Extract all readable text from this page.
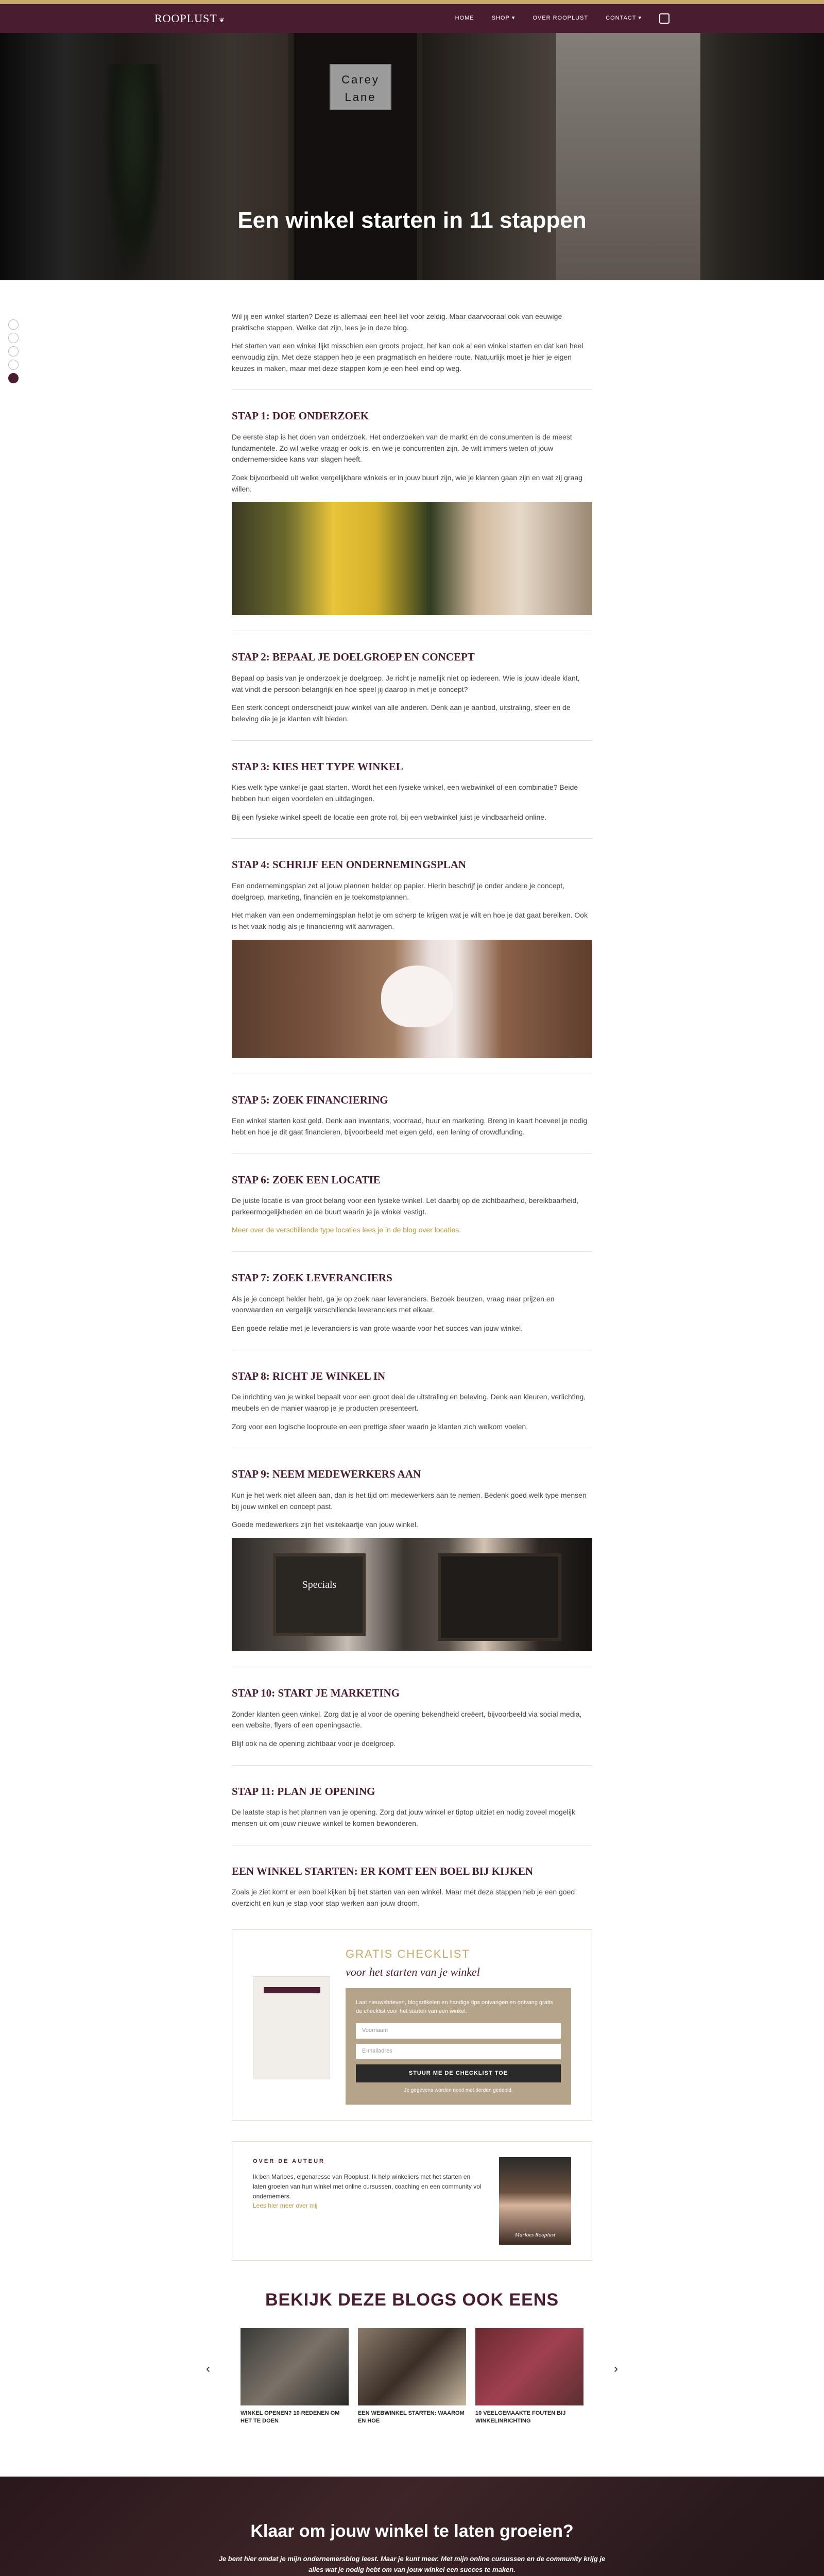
ROOPLUST ❦	HOME	SHOP ▾	OVER ROOPLUST	CONTACT ▾
Carey Lane
Een winkel starten in 11 stappen

Wil jij een winkel starten? Deze is allemaal een heel lief voor zeldig. Maar daarvooraal ook van eeuwige praktische stappen. Welke dat zijn, lees je in deze blog.

Het starten van een winkel lijkt misschien een groots project, het kan ook al een winkel starten en dat kan heel eenvoudig zijn. Met deze stappen heb je een pragmatisch en heldere route. Natuurlijk moet je hier je eigen keuzes in maken, maar met deze stappen kom je een heel eind op weg.

STAP 1: DOE ONDERZOEK

De eerste stap is het doen van onderzoek. Het onderzoeken van de markt en de consumenten is de meest fundamentele. Zo wil welke vraag er ook is, en wie je concurrenten zijn. Je wilt immers weten of jouw ondernemersidee kans van slagen heeft.

Zoek bijvoorbeeld uit welke vergelijkbare winkels er in jouw buurt zijn, wie je klanten gaan zijn en wat zij graag willen.

STAP 2: BEPAAL JE DOELGROEP EN CONCEPT

Bepaal op basis van je onderzoek je doelgroep. Je richt je namelijk niet op iedereen. Wie is jouw ideale klant, wat vindt die persoon belangrijk en hoe speel jij daarop in met je concept?

Een sterk concept onderscheidt jouw winkel van alle anderen. Denk aan je aanbod, uitstraling, sfeer en de beleving die je je klanten wilt bieden.

STAP 3: KIES HET TYPE WINKEL

Kies welk type winkel je gaat starten. Wordt het een fysieke winkel, een webwinkel of een combinatie? Beide hebben hun eigen voordelen en uitdagingen.

Bij een fysieke winkel speelt de locatie een grote rol, bij een webwinkel juist je vindbaarheid online.

STAP 4: SCHRIJF EEN ONDERNEMINGSPLAN

Een ondernemingsplan zet al jouw plannen helder op papier. Hierin beschrijf je onder andere je concept, doelgroep, marketing, financiën en je toekomstplannen.

Het maken van een ondernemingsplan helpt je om scherp te krijgen wat je wilt en hoe je dat gaat bereiken. Ook is het vaak nodig als je financiering wilt aanvragen.

STAP 5: ZOEK FINANCIERING

Een winkel starten kost geld. Denk aan inventaris, voorraad, huur en marketing. Breng in kaart hoeveel je nodig hebt en hoe je dit gaat financieren, bijvoorbeeld met eigen geld, een lening of crowdfunding.

STAP 6: ZOEK EEN LOCATIE

De juiste locatie is van groot belang voor een fysieke winkel. Let daarbij op de zichtbaarheid, bereikbaarheid, parkeermogelijkheden en de buurt waarin je je winkel vestigt.

Meer over de verschillende type locaties lees je in de blog over locaties.

STAP 7: ZOEK LEVERANCIERS

Als je je concept helder hebt, ga je op zoek naar leveranciers. Bezoek beurzen, vraag naar prijzen en voorwaarden en vergelijk verschillende leveranciers met elkaar.

Een goede relatie met je leveranciers is van grote waarde voor het succes van jouw winkel.

STAP 8: RICHT JE WINKEL IN

De inrichting van je winkel bepaalt voor een groot deel de uitstraling en beleving. Denk aan kleuren, verlichting, meubels en de manier waarop je je producten presenteert.

Zorg voor een logische looproute en een prettige sfeer waarin je klanten zich welkom voelen.

STAP 9: NEEM MEDEWERKERS AAN

Kun je het werk niet alleen aan, dan is het tijd om medewerkers aan te nemen. Bedenk goed welk type mensen bij jouw winkel en concept past.

Goede medewerkers zijn het visitekaartje van jouw winkel.

Specials
STAP 10: START JE MARKETING

Zonder klanten geen winkel. Zorg dat je al voor de opening bekendheid creëert, bijvoorbeeld via social media, een website, flyers of een openingsactie.

Blijf ook na de opening zichtbaar voor je doelgroep.

STAP 11: PLAN JE OPENING

De laatste stap is het plannen van je opening. Zorg dat jouw winkel er tiptop uitziet en nodig zoveel mogelijk mensen uit om jouw nieuwe winkel te komen bewonderen.

EEN WINKEL STARTEN: ER KOMT EEN BOEL BIJ KIJKEN

Zoals je ziet komt er een boel kijken bij het starten van een winkel. Maar met deze stappen heb je een goed overzicht en kun je stap voor stap werken aan jouw droom.

GRATIS CHECKLIST
voor het starten van je winkel

Laat nieuwsbrieven, blogartikelen en handige tips ontvangen en ontvang gratis de checklist voor het starten van een winkel.

Voornaam
E-mailadres
STUUR ME DE CHECKLIST TOE
Je gegevens worden nooit met derden gedeeld.
OVER DE AUTEUR

Ik ben Marloes, eigenaresse van Rooplust. Ik help winkeliers met het starten en laten groeien van hun winkel met online cursussen, coaching en een community vol ondernemers.

Lees hier meer over mij

Marloes Rooplust
BEKIJK DEZE BLOGS OOK EENS
‹
WINKEL OPENEN? 10 REDENEN OM HET TE DOEN
EEN WEBWINKEL STARTEN: WAAROM EN HOE
10 VEELGEMAAKTE FOUTEN BIJ WINKELINRICHTING
›
Klaar om jouw winkel te laten groeien?

Je bent hier omdat je mijn ondernemersblog leest. Maar je kunt meer. Met mijn online cursussen en de community krijg je alles wat je nodig hebt om van jouw winkel een succes te maken.
